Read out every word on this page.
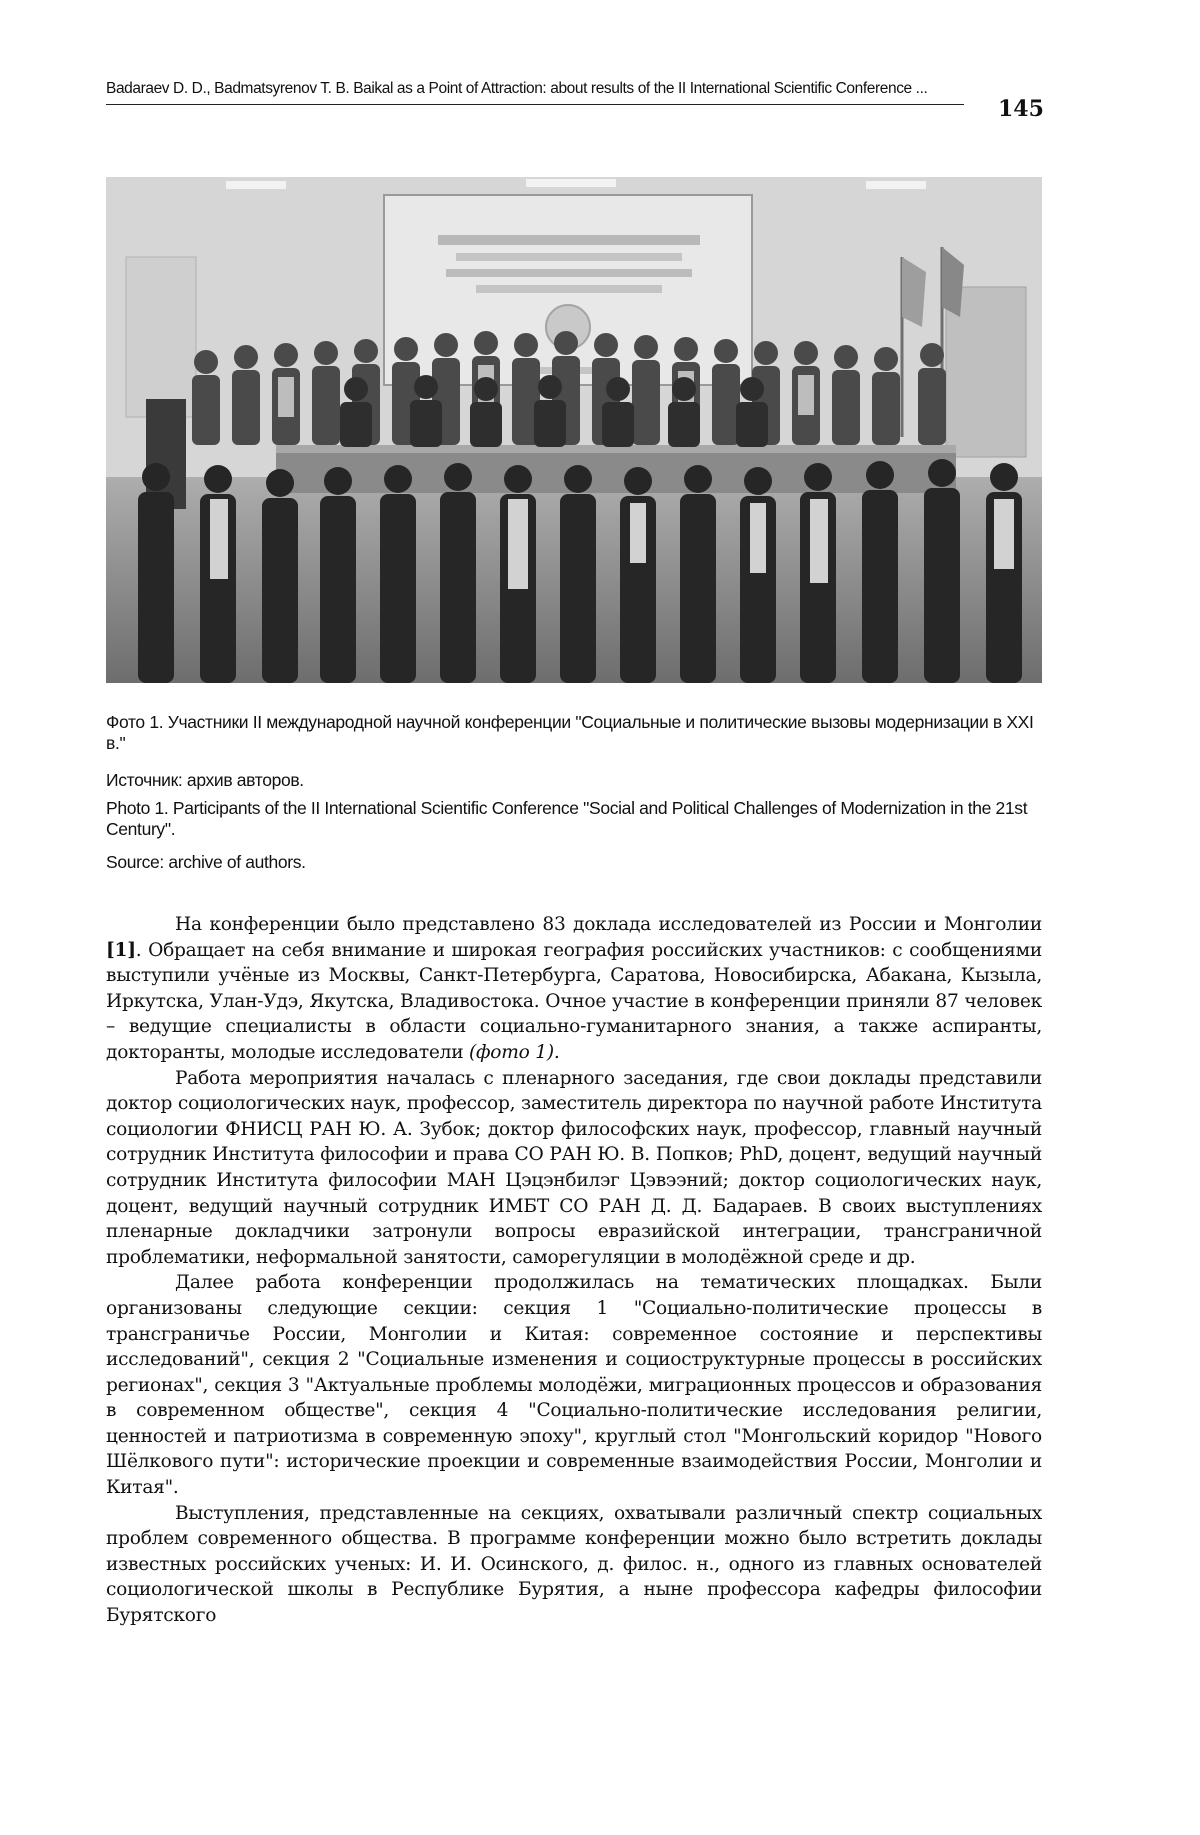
Badaraev D. D., Badmatsyrenov T. B. Baikal as a Point of Attraction: about results of the II International Scientific Conference ...
145
Фото 1. Участники II международной научной конференции "Социальные и политические вызовы модернизации в XXI в."
Источник: архив авторов.
Photo 1. Participants of the II International Scientific Conference "Social and Political Challenges of Modernization in the 21st Century".
Source: archive of authors.

На конференции было представлено 83 доклада исследователей из России и Монголии [1]. Обращает на себя внимание и широкая география российских участников: с сообщениями выступили учёные из Москвы, Санкт-Петербурга, Саратова, Новосибирска, Абакана, Кызыла, Иркутска, Улан-Удэ, Якутска, Владивостока. Очное участие в конференции приняли 87 человек – ведущие специалисты в области социально-гуманитарного знания, а также аспиранты, докторанты, молодые исследователи (фото 1).

Работа мероприятия началась с пленарного заседания, где свои доклады представили доктор социологических наук, профессор, заместитель директора по научной работе Института социологии ФНИСЦ РАН Ю. А. Зубок; доктор философских наук, профессор, главный научный сотрудник Института философии и права СО РАН Ю. В. Попков; PhD, доцент, ведущий научный сотрудник Института философии МАН Цэцэнбилэг Цэвээний; доктор социологических наук, доцент, ведущий научный сотрудник ИМБТ СО РАН Д. Д. Бадараев. В своих выступлениях пленарные докладчики затронули вопросы евразийской интеграции, трансграничной проблематики, неформальной занятости, саморегуляции в молодёжной среде и др.

Далее работа конференции продолжилась на тематических площадках. Были организованы следующие секции: секция 1 "Социально-политические процессы в трансграничье России, Монголии и Китая: современное состояние и перспективы исследований", секция 2 "Социальные изменения и социоструктурные процессы в российских регионах", секция 3 "Актуальные проблемы молодёжи, миграционных процессов и образования в современном обществе", секция 4 "Социально-политические исследования религии, ценностей и патриотизма в современную эпоху", круглый стол "Монгольский коридор "Нового Шёлкового пути": исторические проекции и современные взаимодействия России, Монголии и Китая".

Выступления, представленные на секциях, охватывали различный спектр социальных проблем современного общества. В программе конференции можно было встретить доклады известных российских ученых: И. И. Осинского, д. филос. н., одного из главных основателей социологической школы в Республике Бурятия, а ныне профессора кафедры философии Бурятского
